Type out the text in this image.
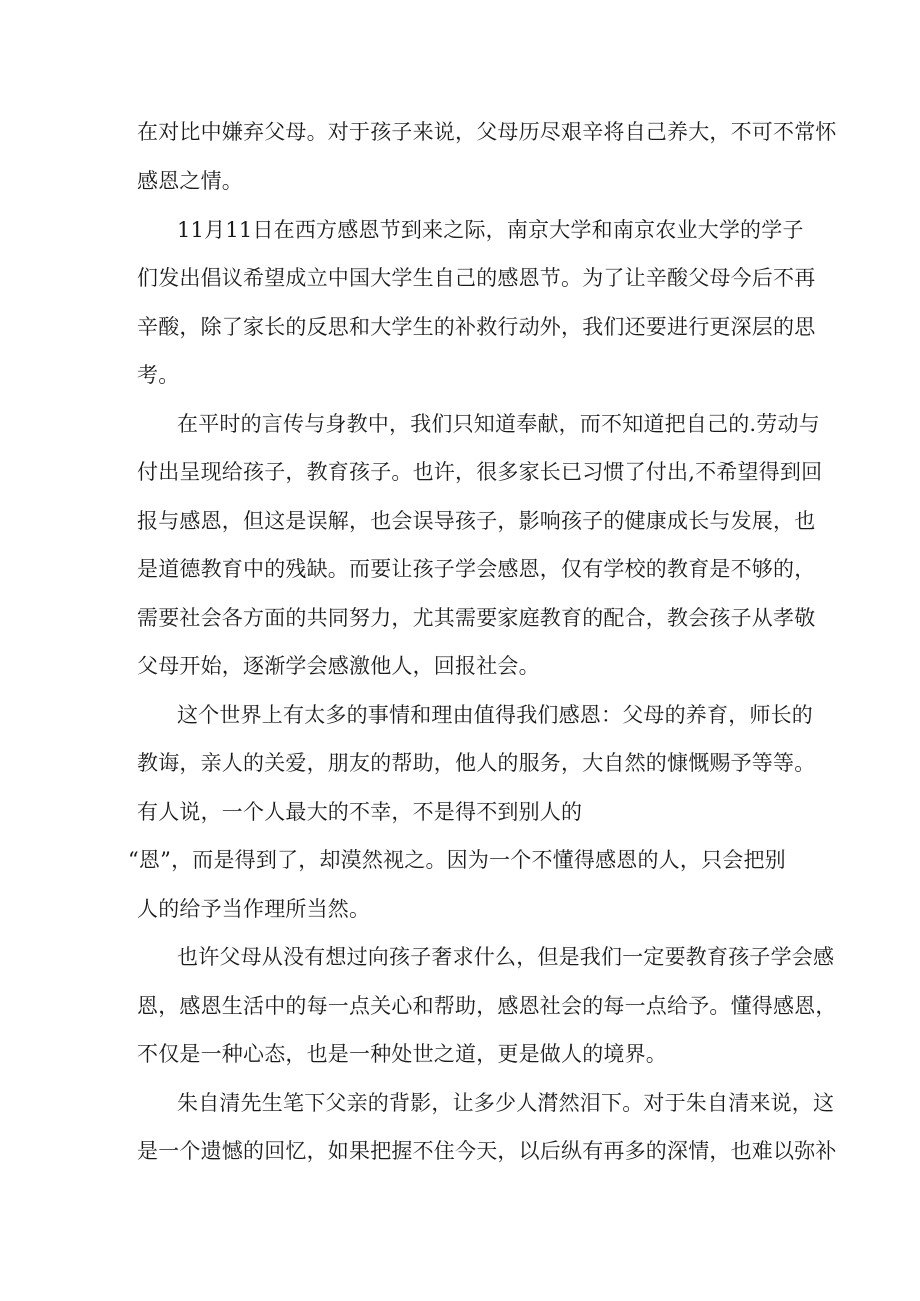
在对比中嫌弃父母。对于孩子来说，父母历尽艰辛将自己养大，不可不常怀
感恩之情。
11月11日在西方感恩节到来之际，南京大学和南京农业大学的学子
们发出倡议希望成立中国大学生自己的感恩节。为了让辛酸父母今后不再
辛酸，除了家长的反思和大学生的补救行动外，我们还要进行更深层的思
考。
在平时的言传与身教中，我们只知道奉献，而不知道把自己的.劳动与
付出呈现给孩子，教育孩子。也许，很多家长已习惯了付出,不希望得到回
报与感恩，但这是误解，也会误导孩子，影响孩子的健康成长与发展，也
是道德教育中的残缺。而要让孩子学会感恩，仅有学校的教育是不够的，
需要社会各方面的共同努力，尤其需要家庭教育的配合，教会孩子从孝敬
父母开始，逐渐学会感激他人，回报社会。
这个世界上有太多的事情和理由值得我们感恩：父母的养育，师长的
教诲，亲人的关爱，朋友的帮助，他人的服务，大自然的慷慨赐予等等。
有人说，一个人最大的不幸，不是得不到别人的
“恩”，而是得到了，却漠然视之。因为一个不懂得感恩的人，只会把别
人的给予当作理所当然。
也许父母从没有想过向孩子奢求什么，但是我们一定要教育孩子学会感
恩，感恩生活中的每一点关心和帮助，感恩社会的每一点给予。懂得感恩，
不仅是一种心态，也是一种处世之道，更是做人的境界。
朱自清先生笔下父亲的背影，让多少人潸然泪下。对于朱自清来说，这
是一个遗憾的回忆，如果把握不住今天，以后纵有再多的深情，也难以弥补
